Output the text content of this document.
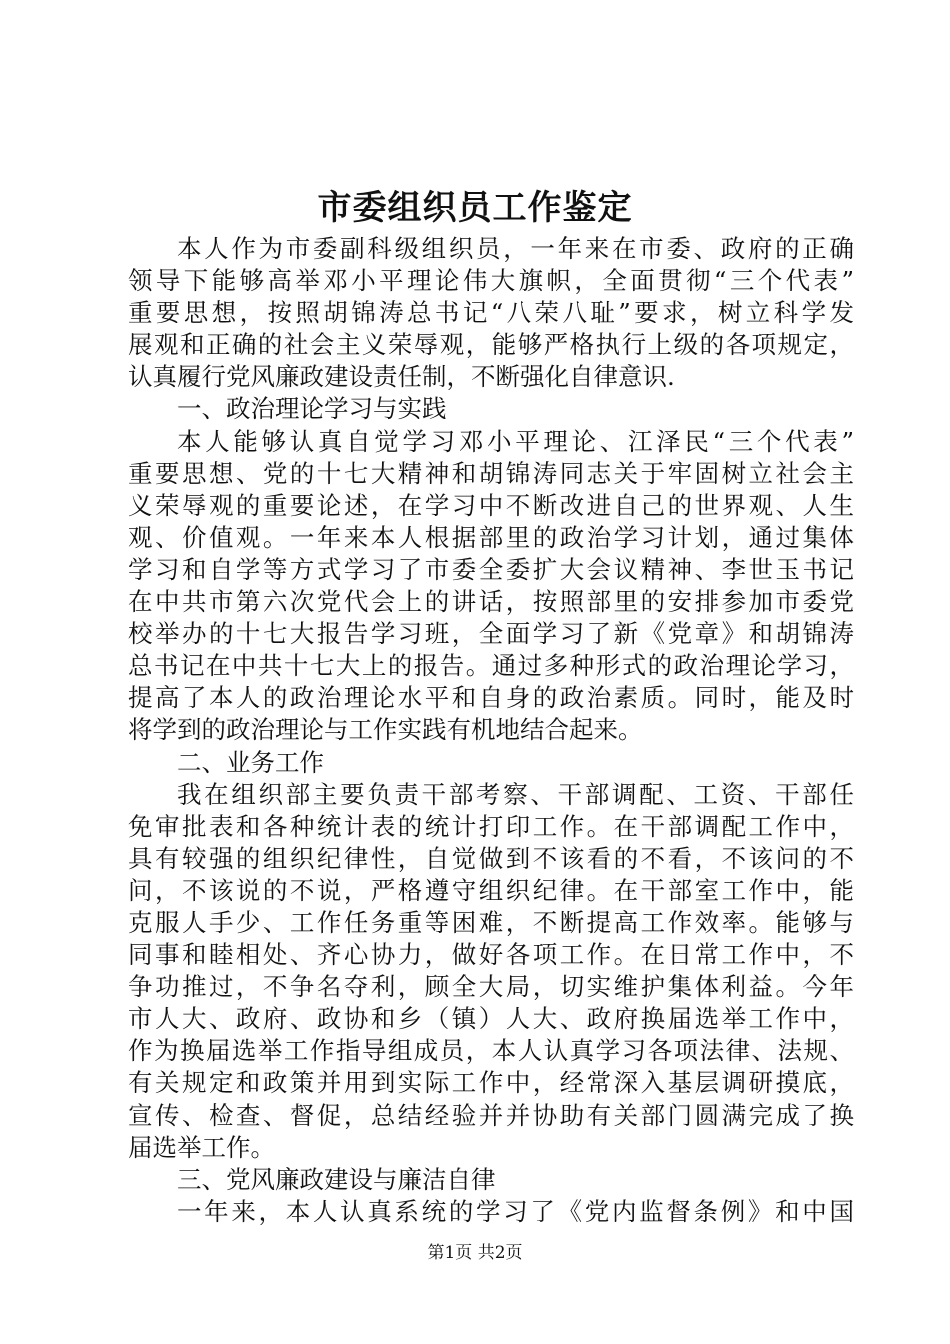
市委组织员工作鉴定
本人作为市委副科级组织员，一年来在市委、政府的正确
领导下能够高举邓小平理论伟大旗帜，全面贯彻“三个代表”
重要思想，按照胡锦涛总书记“八荣八耻”要求，树立科学发
展观和正确的社会主义荣辱观，能够严格执行上级的各项规定，
认真履行党风廉政建设责任制，不断强化自律意识.
一、政治理论学习与实践
本人能够认真自觉学习邓小平理论、江泽民“三个代表”
重要思想、党的十七大精神和胡锦涛同志关于牢固树立社会主
义荣辱观的重要论述，在学习中不断改进自己的世界观、人生
观、价值观。一年来本人根据部里的政治学习计划，通过集体
学习和自学等方式学习了市委全委扩大会议精神、李世玉书记
在中共市第六次党代会上的讲话，按照部里的安排参加市委党
校举办的十七大报告学习班，全面学习了新《党章》和胡锦涛
总书记在中共十七大上的报告。通过多种形式的政治理论学习，
提高了本人的政治理论水平和自身的政治素质。同时，能及时
将学到的政治理论与工作实践有机地结合起来。
二、业务工作
我在组织部主要负责干部考察、干部调配、工资、干部任
免审批表和各种统计表的统计打印工作。在干部调配工作中，
具有较强的组织纪律性，自觉做到不该看的不看，不该问的不
问，不该说的不说，严格遵守组织纪律。在干部室工作中，能
克服人手少、工作任务重等困难，不断提高工作效率。能够与
同事和睦相处、齐心协力，做好各项工作。在日常工作中，不
争功推过，不争名夺利，顾全大局，切实维护集体利益。今年
市人大、政府、政协和乡（镇）人大、政府换届选举工作中，
作为换届选举工作指导组成员，本人认真学习各项法律、法规、
有关规定和政策并用到实际工作中，经常深入基层调研摸底，
宣传、检查、督促，总结经验并并协助有关部门圆满完成了换
届选举工作。
三、党风廉政建设与廉洁自律
一年来，本人认真系统的学习了《党内监督条例》和中国
第1页 共2页
